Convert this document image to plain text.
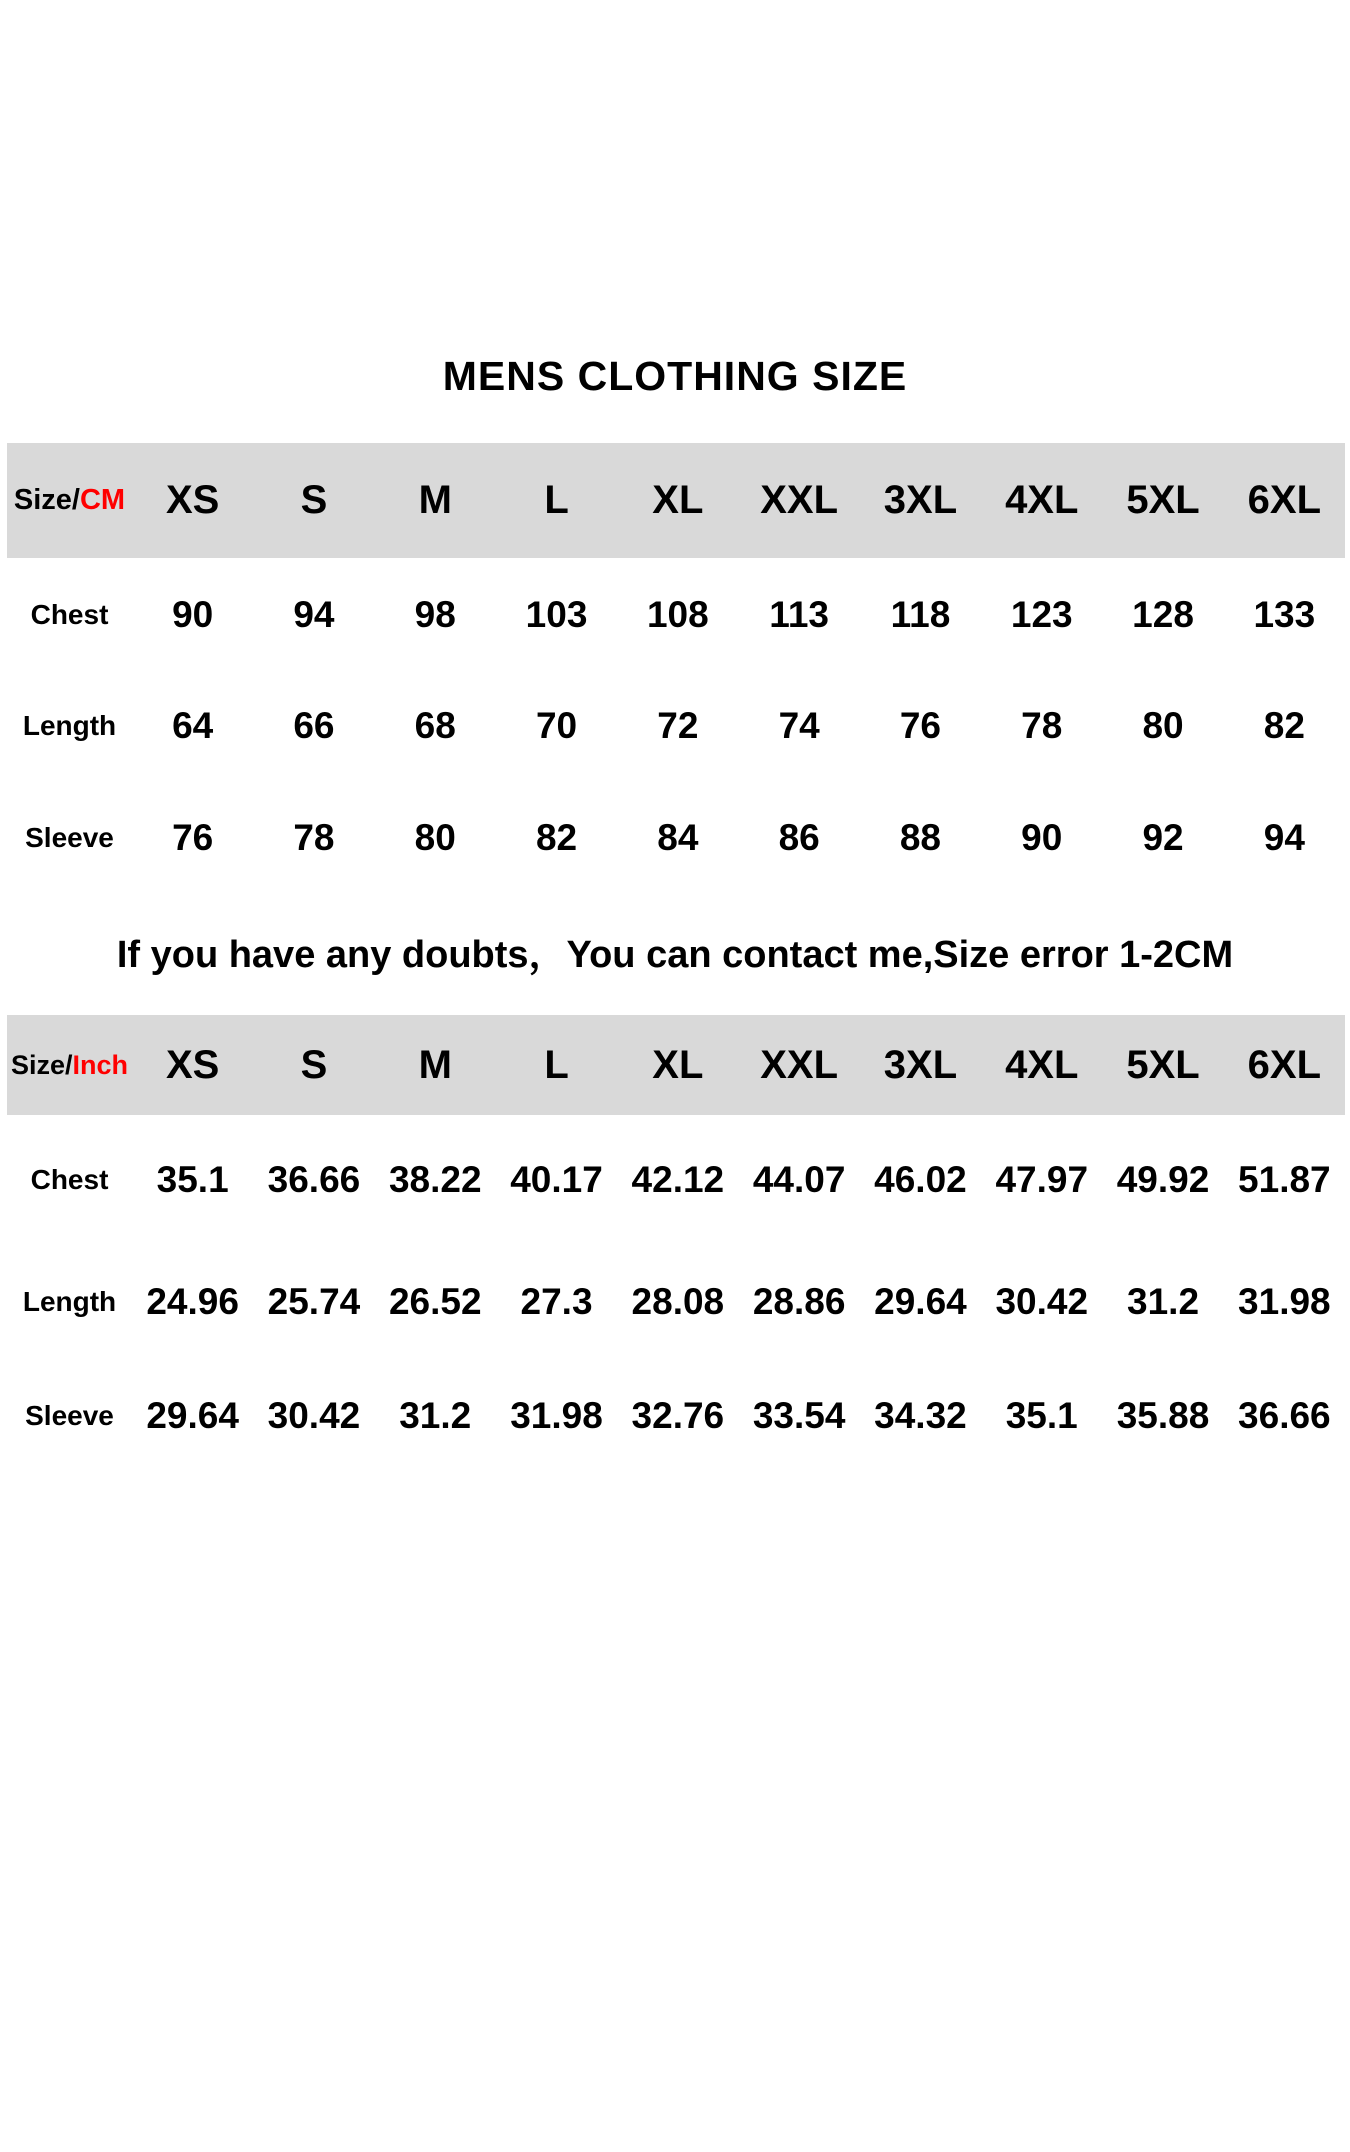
MENS CLOTHING SIZE
Size/ CM	XS	S	M	L	XL	XXL	3XL	4XL	5XL	6XL
Chest	90	94	98	103	108	113	118	123	128	133
Length	64	66	68	70	72	74	76	78	80	82
Sleeve	76	78	80	82	84	86	88	90	92	94
If you have any doubts，You can contact me,Size error 1-2CM
Size/ Inch XS	S	M	L	XL	XXL	3XL	4XL	5XL	6XL
Chest	35.1	36.66 38.22 40.17 42.12 44.07 46.02 47.97 49.92 51.87
Length 24.96 25.74 26.52	27.3	28.08 28.86 29.64 30.42	31.2	31.98
Sleeve 29.64 30.42	31.2	31.98 32.76 33.54 34.32	35.1	35.88 36.66
